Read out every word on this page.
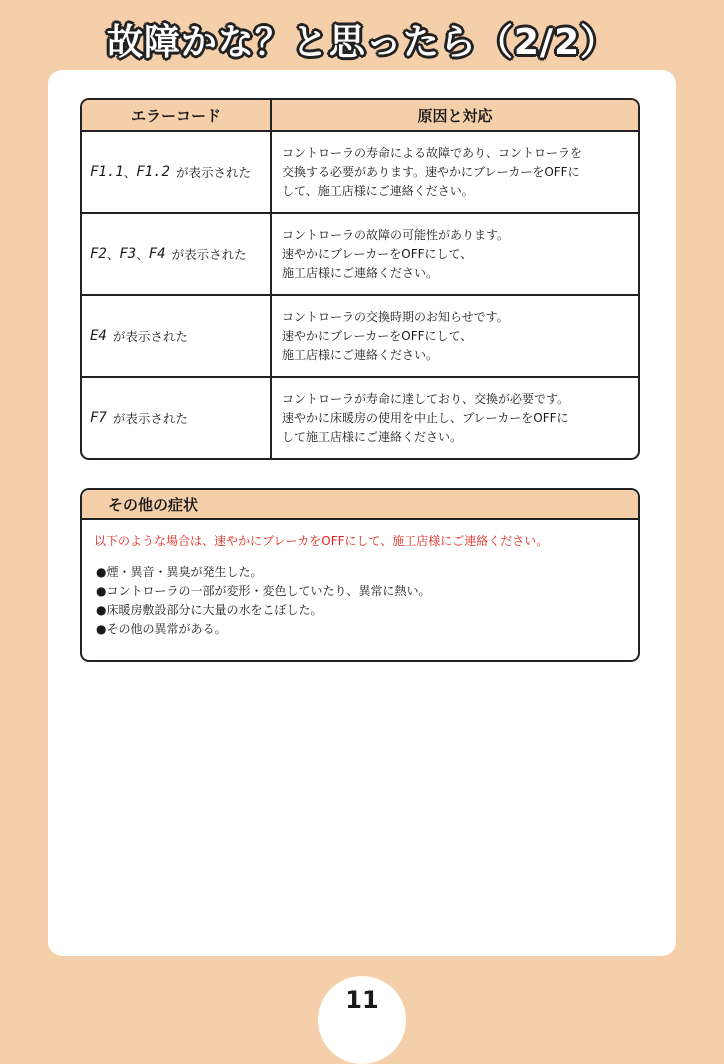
故障かな？と思ったら（2/2）
エラーコード	原因と対応
F1.1 、 F1.2 が表示された
コントローラの寿命による故障であり、コントローラを
交換する必要があります。速やかにブレーカーをOFFに
して、施工店様にご連絡ください。
F2 、 F3 、 F4 が表示された
コントローラの故障の可能性があります。
速やかにブレーカーをOFFにして、
施工店様にご連絡ください。
E4 が表示された
コントローラの交換時期のお知らせです。
速やかにブレーカーをOFFにして、
施工店様にご連絡ください。
F7 が表示された
コントローラが寿命に達しており、交換が必要です。
速やかに床暖房の使用を中止し、ブレーカーをOFFに
して施工店様にご連絡ください。
その他の症状
以下のような場合は、速やかにブレーカをOFFにして、施工店様にご連絡ください。
●煙・異音・異臭が発生した。
●コントローラの一部が変形・変色していたり、異常に熱い。
●床暖房敷設部分に大量の水をこぼした。
●その他の異常がある。
11
